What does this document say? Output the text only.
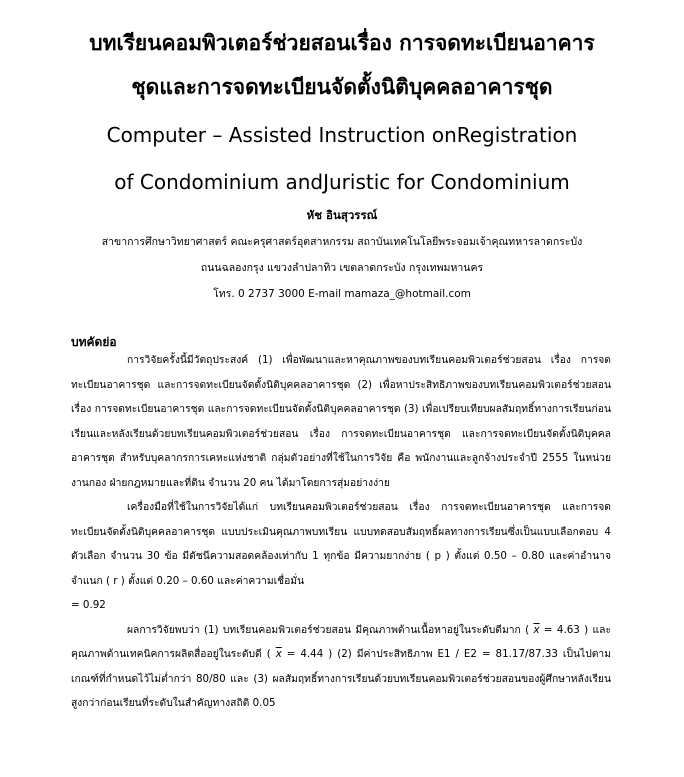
บทเรียนคอมพิวเตอร์ช่วยสอนเรื่อง การจดทะเบียนอาคาร
ชุดและการจดทะเบียนจัดตั้งนิติบุคคลอาคารชุด
Computer – Assisted Instruction onRegistration
of Condominium andJuristic for Condominium
หัช อินสุวรรณ์
สาขาการศึกษาวิทยาศาสตร์ คณะครุศาสตร์อุตสาหกรรม สถาบันเทคโนโลยีพระจอมเจ้าคุณทหารลาดกระบัง
ถนนฉลองกรุง แขวงลำปลาทิว เขตลาดกระบัง กรุงเทพมหานคร
โทร. 0 2737 3000 E-mail mamaza_@hotmail.com
บทคัดย่อ

การวิจัยครั้งนี้มีวัตถุประสงค์ (1) เพื่อพัฒนาและหาคุณภาพของบทเรียนคอมพิวเตอร์ช่วยสอน เรื่อง การจดทะเบียนอาคารชุด และการจดทะเบียนจัดตั้งนิติบุคคลอาคารชุด (2) เพื่อหาประสิทธิภาพของบทเรียนคอมพิวเตอร์ช่วยสอน เรื่อง การจดทะเบียนอาคารชุด และการจดทะเบียนจัดตั้งนิติบุคคลอาคารชุด (3) เพื่อเปรียบเทียบผลสัมฤทธิ์ทางการเรียนก่อนเรียนและหลังเรียนด้วยบทเรียนคอมพิวเตอร์ช่วยสอน เรื่อง การจดทะเบียนอาคารชุด และการจดทะเบียนจัดตั้งนิติบุคคลอาคารชุด สำหรับบุคลากรการเคหะแห่งชาติ กลุ่มตัวอย่างที่ใช้ในการวิจัย คือ พนักงานและลูกจ้างประจำปี 2555 ในหน่วยงานกอง ฝ่ายกฎหมายและที่ดิน จำนวน 20 คน ได้มาโดยการสุ่มอย่างง่าย

เครื่องมือที่ใช้ในการวิจัยได้แก่ บทเรียนคอมพิวเตอร์ช่วยสอน เรื่อง การจดทะเบียนอาคารชุด และการจดทะเบียนจัดตั้งนิติบุคคลอาคารชุด แบบประเมินคุณภาพบทเรียน แบบทดสอบสัมฤทธิ์ผลทางการเรียนซึ่งเป็นแบบเลือกตอบ 4 ตัวเลือก จำนวน 30 ข้อ มีดัชนีความสอดคล้องเท่ากับ 1 ทุกข้อ มีความยากง่าย ( p ) ตั้งแต่ 0.50 – 0.80 และค่าอำนาจจำแนก ( r ) ตั้งแต่ 0.20 – 0.60 และค่าความเชื่อมั่น

= 0.92

ผลการวิจัยพบว่า (1) บทเรียนคอมพิวเตอร์ช่วยสอน มีคุณภาพด้านเนื้อหาอยู่ในระดับดีมาก ( $\overline{x} = 4.63$ ) และคุณภาพด้านเทคนิคการผลิตสื่ออยู่ในระดับดี ( $\overline{x} = 4.44$ ) (2) มีค่าประสิทธิภาพ E1 / E2 = 81.17/87.33 เป็นไปตามเกณฑ์ที่กำหนดไว้ไม่ต่ำกว่า 80/80 และ (3) ผลสัมฤทธิ์ทางการเรียนด้วยบทเรียนคอมพิวเตอร์ช่วยสอนของผู้ศึกษาหลังเรียนสูงกว่าก่อนเรียนที่ระดับในสำคัญทางสถิติ 0.05
